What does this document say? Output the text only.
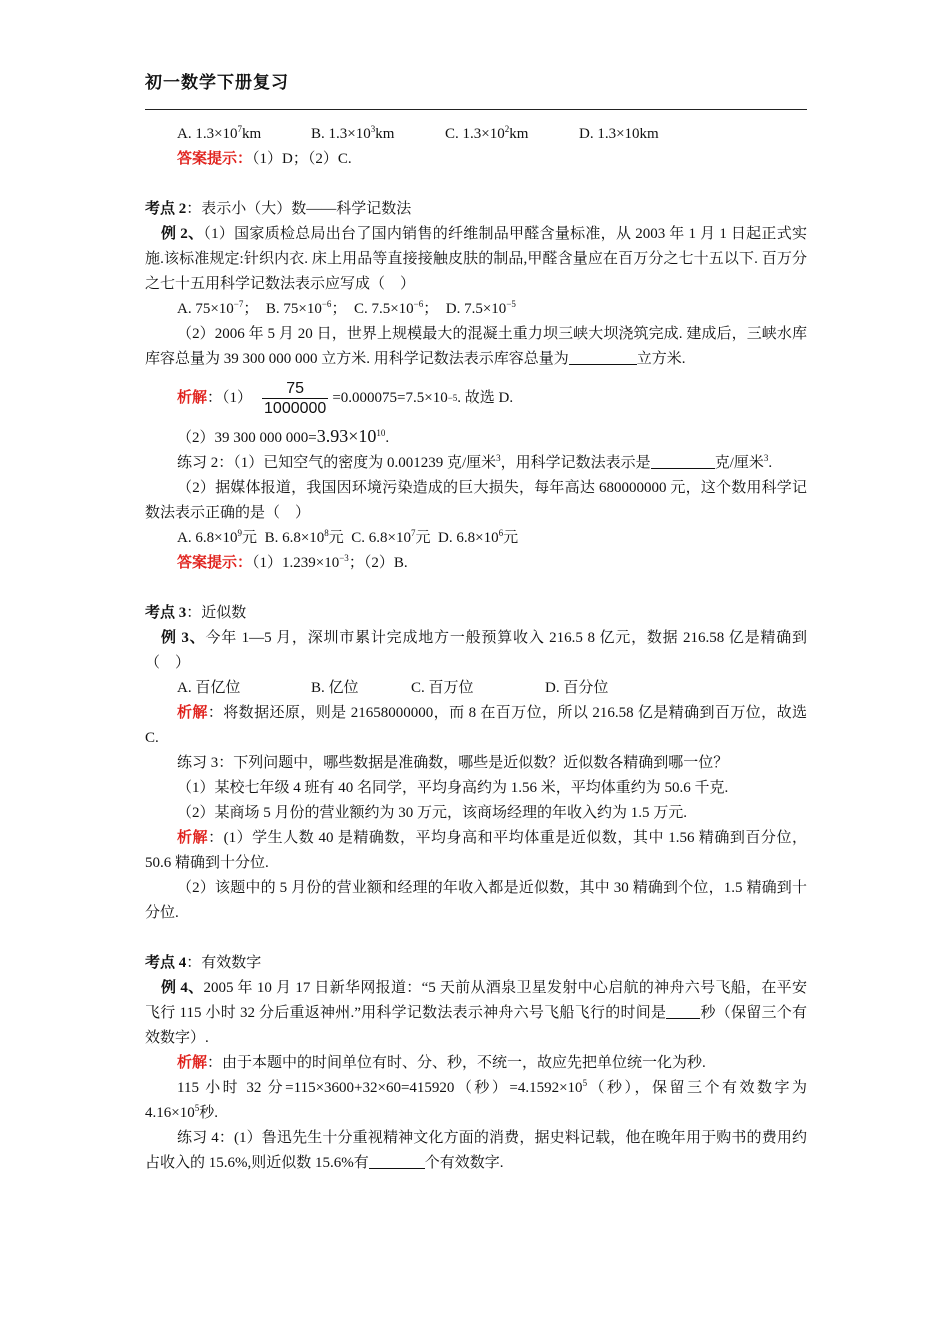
初一数学下册复习
A. $1.3\times 10^7km$	B. $1.3\times 10^3km$	C. $1.3\times 10^2km$	D. 1.3×10km

答案提示：（1）D；（2）C.

考点 2：表示小（大）数——科学记数法

例 2、（1）国家质检总局出台了国内销售的纤维制品甲醛含量标准，从 2003 年 1 月 1 日起正式实施.该标准规定:针织内衣. 床上用品等直接接触皮肤的制品,甲醛含量应在百万分之七十五以下. 百万分之七十五用科学记数法表示应写成（　）

A. $75\times 10^{-7}$； B. $75\times 10^{-6}$； C. $7.5\times 10^{-6}$； D. $7.5\times 10^{-5}$

（2）2006 年 5 月 20 日，世界上规模最大的混凝土重力坝三峡大坝浇筑完成. 建成后，三峡水库库容总量为 39 300 000 000 立方米. 用科学记数法表示库容总量为	立方米.

析解 ：$(1) \frac{75}{1000000} =0.000075=7.5\times 10 -5$ . 故选 D.

（2）39 300 000 $000=3.93\times 10^{10}$.

练习 2：（1）已知空气的密度为 0.001239 克/厘米$^3$，用科学记数法表示是	克/厘米$^3$.

（2）据媒体报道，我国因环境污染造成的巨大损失，每年高达 680000000 元，这个数用科学记数法表示正确的是（　）

A. $6.8\times 10^9$元 B. $6.8\times 10^8$元 C. $6.8\times 10^7$元 D. $6.8\times 10^6$元

答案提示：$(1)1.239\times 10^{-3}$；（2）B.

考点 3：近似数

例 3、今年 1—5 月，深圳市累计完成地方一般预算收入 216.5 8 亿元，数据 216.58 亿是精确到（　）

A. 百亿位	B. 亿位	C. 百万位	D. 百分位

析解：将数据还原，则是 21658000000，而 8 在百万位，所以 216.58 亿是精确到百万位，故选 C.

练习 3：下列问题中，哪些数据是准确数，哪些是近似数？近似数各精确到哪一位？

（1）某校七年级 4 班有 40 名同学，平均身高约为 1.56 米，平均体重约为 50.6 千克.

（2）某商场 5 月份的营业额约为 30 万元，该商场经理的年收入约为 1.5 万元.

析解：(1）学生人数 40 是精确数，平均身高和平均体重是近似数，其中 1.56 精确到百分位，50.6 精确到十分位.

（2）该题中的 5 月份的营业额和经理的年收入都是近似数，其中 30 精确到个位，1.5 精确到十分位.

考点 4：有效数字

例 4、2005 年 10 月 17 日新华网报道：“5 天前从酒泉卫星发射中心启航的神舟六号飞船，在平安飞行 115 小时 32 分后重返神州.”用科学记数法表示神舟六号飞船飞行的时间是 秒（保留三个有效数字）.

析解：由于本题中的时间单位有时、分、秒，不统一，故应先把单位统一化为秒.

115 小时 32 分=115×3600+32×60=415920（秒）$=4.1592\times 10^5$（秒），保留三个有效数字为 $4.16\times 10^5$秒.

练习 4：(1）鲁迅先生十分重视精神文化方面的消费，据史料记载，他在晚年用于购书的费用约占收入的 15.6%,则近似数 15.6%有	个有效数字.
